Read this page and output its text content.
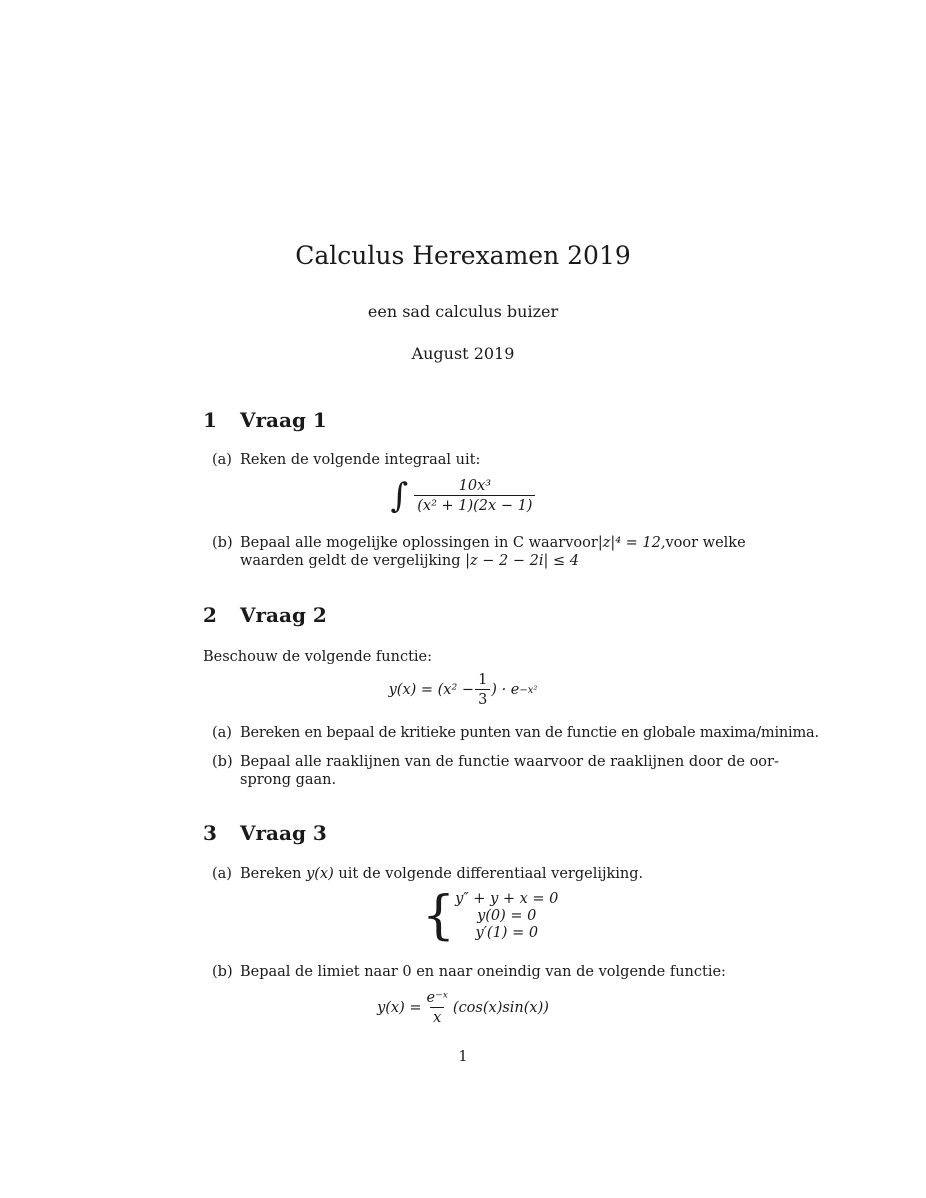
Calculus Herexamen 2019
een sad calculus buizer
August 2019
1 Vraag 1
(a) Reken de volgende integraal uit:
∫ $\frac{\text{10x³}}{\text{(x² + 1)(2x − 1)}}$
(b) Bepaal alle mogelijke oplossingen in C waarvoor |z|⁴ = 12, voor welke
waarden geldt de vergelijking |z − 2 − 2i| ≤ 4
2 Vraag 2
Beschouw de volgende functie:
$y(x) = (x^2 - \frac{1}{3}$ ) · e −x²
(a) Bereken en bepaal de kritieke punten van de functie en globale maxima/minima.
(b) Bepaal alle raaklijnen van de functie waarvoor de raaklijnen door de oor-
sprong gaan.
3 Vraag 3
(a) Bereken y(x) uit de volgende differentiaal vergelijking.
{ y″ + y + x = 0
y(0) = 0
y′(1) = 0
(b) Bepaal de limiet naar 0 en naar oneindig van de volgende functie:
$y(x) = \frac{\text{e⁻ˣ}}{x} (\cos(x)\sin(x))$
1
